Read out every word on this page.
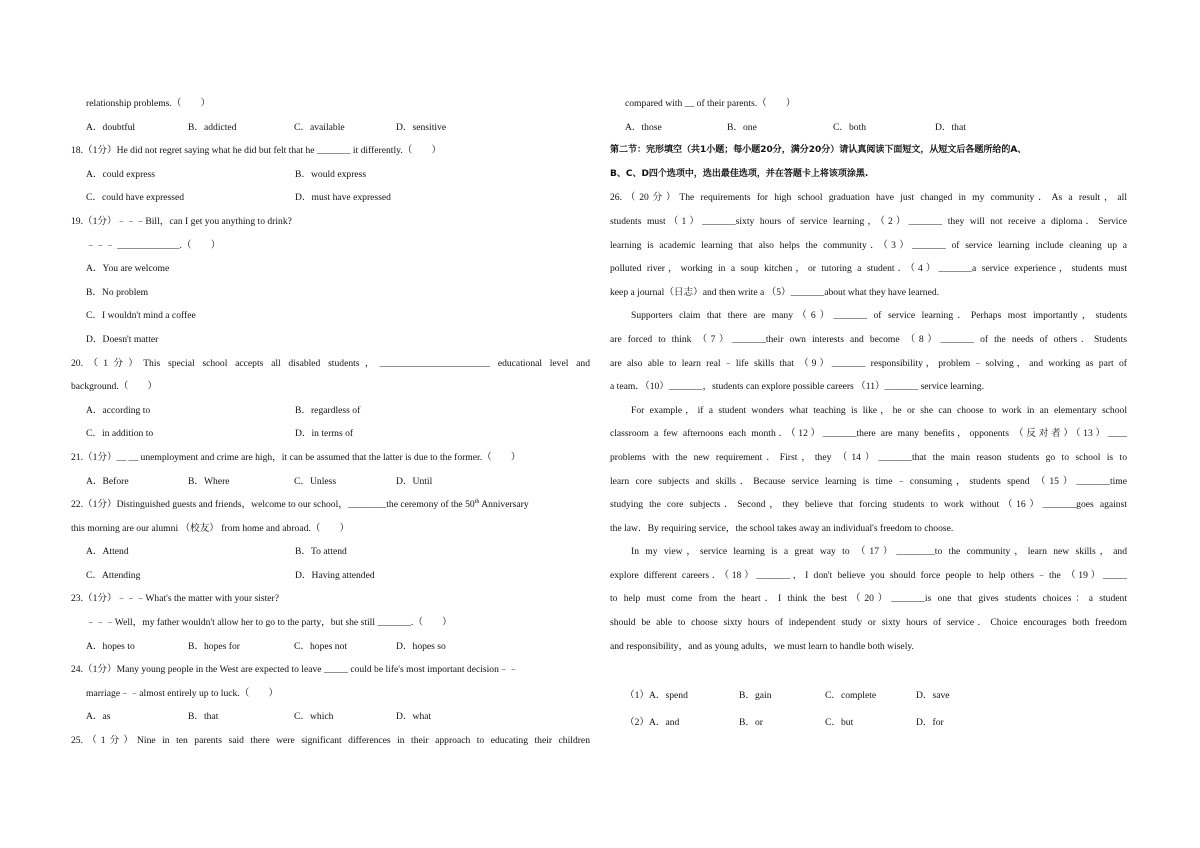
relationship problems.（　　）
A．doubtful	B．addicted	C．available	D．sensitive
18.（1分）He did not regret saying what he did but felt that he _______ it differently.（　　）
A．could express	B．would express
C．could have expressed	D．must have expressed
19.（1分）﹣﹣﹣Bill，can I get you anything to drink?
﹣﹣﹣ _____________.（　　）
A．You are welcome
B．No problem
C．I wouldn't mind a coffee
D．Doesn't matter
20.（1分）This special school accepts all disabled students，_______________________ educational level and
background.（　　）
A．according to	B．regardless of
C．in addition to	D．in terms of
21.（1分）__ __ unemployment and crime are high，it can be assumed that the latter is due to the former.（　　）
A．Before	B．Where	C．Unless	D．Until
22.（1分）Distinguished guests and friends，welcome to our school，________the ceremony of the 50th Anniversary
this morning are our alumni （校友） from home and abroad.（　　）
A．Attend	B．To attend
C．Attending	D．Having attended
23.（1分）﹣﹣﹣What's the matter with your sister?
﹣﹣﹣Well，my father wouldn't allow her to go to the party，but she still _______.（　　）
A．hopes to	B．hopes for	C．hopes not	D．hopes so
24.（1分）Many young people in the West are expected to leave _____ could be life's most important decision﹣﹣
marriage﹣﹣almost entirely up to luck.（　　）
A．as	B．that	C．which	D．what
25.（1分）Nine in ten parents said there were significant differences in their approach to educating their children
compared with __ of their parents.（　　）
A．those	B．one	C．both	D．that
第二节：完形填空（共1小题；每小题20分，满分20分）请认真阅读下面短文，从短文后各题所给的A、
B、C、D四个选项中，选出最佳选项，并在答题卡上将该项涂黑.
26.（20分）The requirements for high school graduation have just changed in my community．As a result，all
students must（1）_______sixty hours of service learning，（2）_______ they will not receive a diploma．Service
learning is academic learning that also helps the community．（3）_______ of service learning include cleaning up a
polluted river，working in a soup kitchen，or tutoring a student．（4）_______a service experience，students must
keep a journal（日志）and then write a （5）_______about what they have learned.
Supporters claim that there are many（6）_______ of service learning．Perhaps most importantly，students
are forced to think （7）_______their own interests and become （8）_______ of the needs of others．Students
are also able to learn real﹣life skills that （9）_______ responsibility，problem﹣solving，and working as part of
a team．（10）_______，students can explore possible careers （11）_______ service learning.
For example，if a student wonders what teaching is like，he or she can choose to work in an elementary school
classroom a few afternoons each month．（12）_______there are many benefits，opponents （反对者）（13）____
problems with the new requirement．First，they （14）_______that the main reason students go to school is to
learn core subjects and skills．Because service learning is time﹣consuming，students spend （15）_______time
studying the core subjects．Second，they believe that forcing students to work without（16）_______goes against
the law．By requiring service，the school takes away an individual's freedom to choose.
In my view，service learning is a great way to （17）________to the community，learn new skills，and
explore different careers．（18）_______，I don't believe you should force people to help others﹣the （19）_____
to help must come from the heart．I think the best（20）_______is one that gives students choices：a student
should be able to choose sixty hours of independent study or sixty hours of service．Choice encourages both freedom
and responsibility，and as young adults，we must learn to handle both wisely.
（1）A．spend	B．gain	C．complete	D．save
（2）A．and	B．or	C．but	D．for
